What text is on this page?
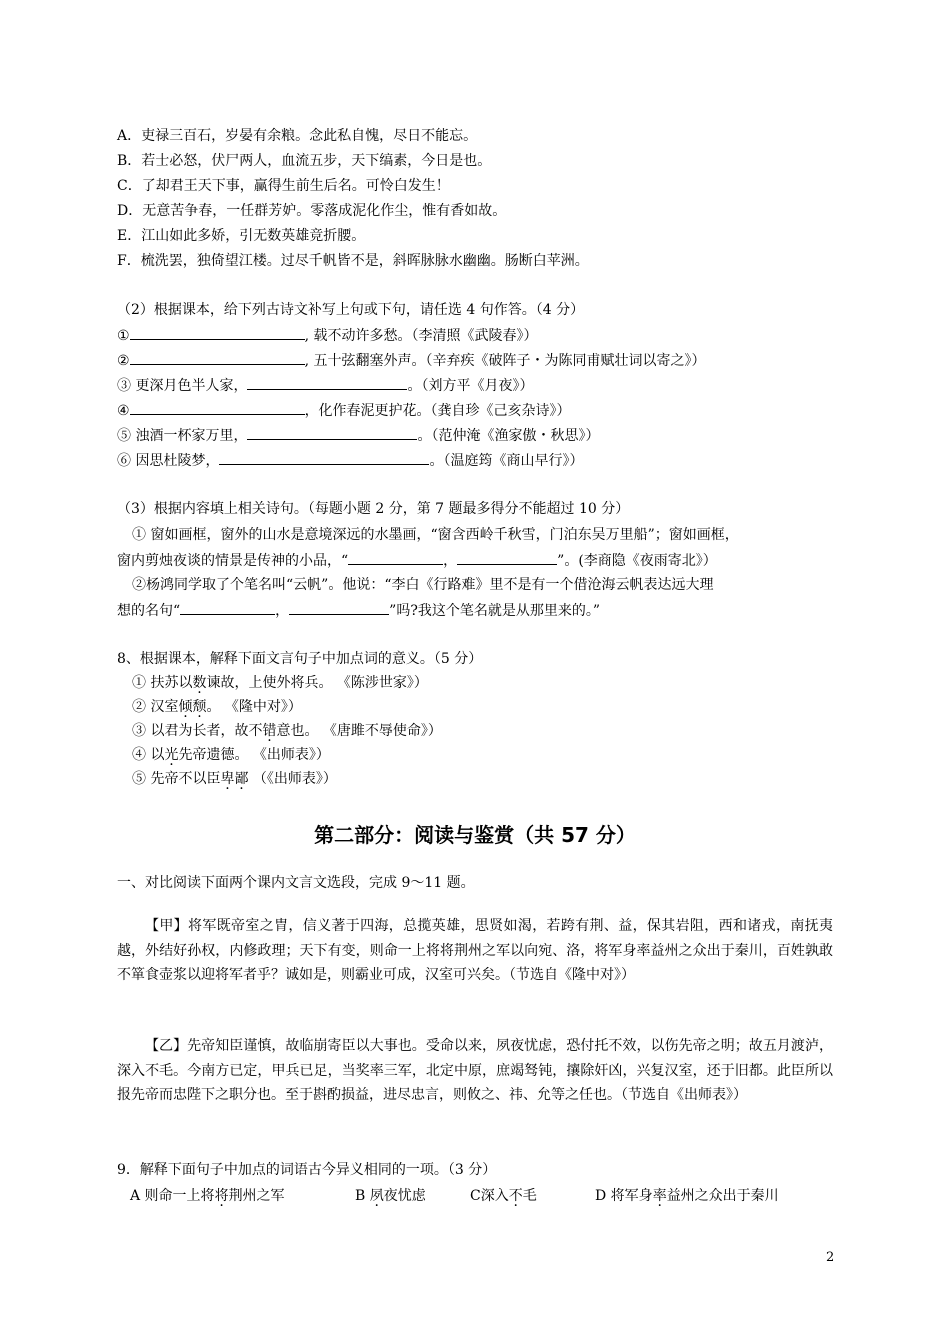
A．吏禄三百石，岁晏有余粮。念此私自愧，尽日不能忘。
B．若士必怒，伏尸两人，血流五步，天下缟素，今日是也。
C．了却君王天下事，赢得生前生后名。可怜白发生！
D．无意苦争春，一任群芳妒。零落成泥化作尘，惟有香如故。
E．江山如此多娇，引无数英雄竞折腰。
F．梳洗罢，独倚望江楼。过尽千帆皆不是，斜晖脉脉水幽幽。肠断白苹洲。
（2）根据课本，给下列古诗文补写上句或下句，请任选 4 句作答。（4 分）
①	, 载不动许多愁。（李清照《武陵春》）
②	, 五十弦翻塞外声。（辛弃疾《破阵子・为陈同甫赋壮词以寄之》）
③ 更深月色半人家，	。（刘方平《月夜》）
④	，化作春泥更护花。（龚自珍《己亥杂诗》）
⑤ 浊酒一杯家万里，	。（范仲淹《渔家傲・秋思》）
⑥ 因思杜陵梦，	。（温庭筠《商山早行》）
（3）根据内容填上相关诗句。（每题小题 2 分，第 7 题最多得分不能超过 10 分）
① 窗如画框，窗外的山水是意境深远的水墨画，“窗含西岭千秋雪，门泊东吴万里船”；窗如画框，
窗内剪烛夜谈的情景是传神的小品，“	，	”。(李商隐《夜雨寄北》）
②杨鸿同学取了个笔名叫“云帆”。他说：“李白《行路难》里不是有一个借沧海云帆表达远大理
想的名句“	，	”吗?我这个笔名就是从那里来的。”
8、根据课本，解释下面文言句子中加点词的意义。（5 分）
① 扶苏以数谏故，上使外将兵。 《陈涉世家》）
② 汉室倾颓。 《隆中对》）
③ 以君为长者，故不错意也。 《唐雎不辱使命》）
④ 以光先帝遗德。 《出师表》）
⑤ 先帝不以臣卑鄙 （《出师表》）
第二部分：阅读与鉴赏（共 57 分）
一、对比阅读下面两个课内文言文选段，完成 9～11 题。
【甲】将军既帝室之胄，信义著于四海，总揽英雄，思贤如渴，若跨有荆、益，保其岩阻，西和诸戎，南抚夷越，外结好孙权，内修政理；天下有变，则命一上将将荆州之军以向宛、洛，将军身率益州之众出于秦川，百姓孰敢不箪食壶浆以迎将军者乎？诚如是，则霸业可成，汉室可兴矣。（节选自《隆中对》）
【乙】先帝知臣谨慎，故临崩寄臣以大事也。受命以来，夙夜忧虑，恐付托不效，以伤先帝之明；故五月渡泸，深入不毛。今南方已定，甲兵已足，当奖率三军，北定中原，庶竭驽钝，攘除奸凶，兴复汉室，还于旧都。此臣所以报先帝而忠陛下之职分也。至于斟酌损益，进尽忠言，则攸之、祎、允等之任也。（节选自《出师表》）
9．解释下面句子中加点的词语古今异义相同的一项。（3 分）
A 则命一上将将荆州之军	B 夙夜忧虑	C深入不毛	D 将军身率益州之众出于秦川
2
